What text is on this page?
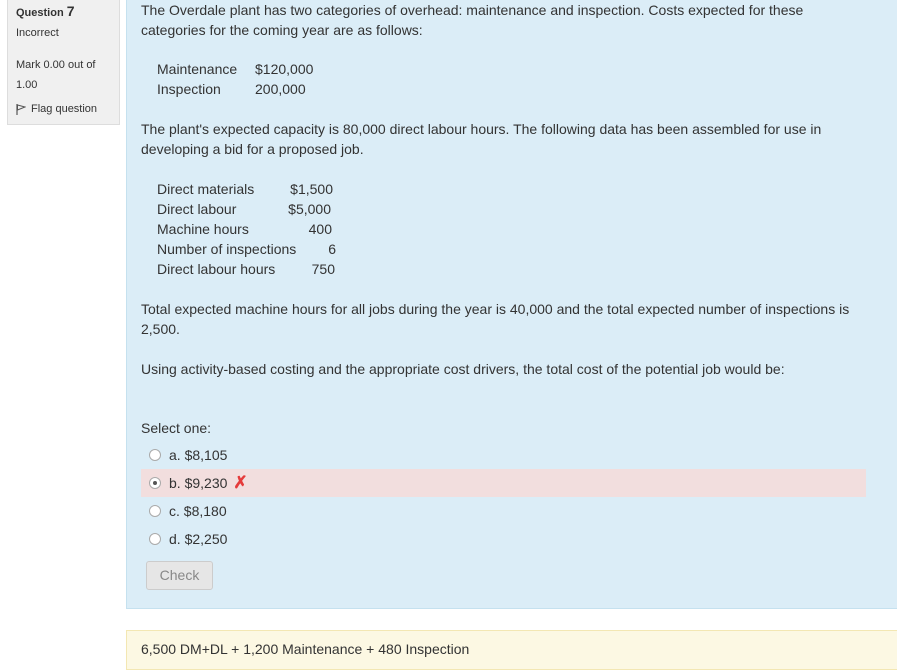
Question 7
Incorrect
Mark 0.00 out of 1.00
Flag question
The Overdale plant has two categories of overhead: maintenance and inspection. Costs expected for these categories for the coming year are as follows:
Maintenance	$120,000
Inspection	200,000
The plant's expected capacity is 80,000 direct labour hours. The following data has been assembled for use in developing a bid for a proposed job.
Direct materials	$1,500
Direct labour	$5,000
Machine hours	400
Number of inspections	6
Direct labour hours	750
Total expected machine hours for all jobs during the year is 40,000 and the total expected number of inspections is 2,500.
Using activity-based costing and the appropriate cost drivers, the total cost of the potential job would be:
Select one:
a. $8,105
b. $9,230 ✗
c. $8,180
d. $2,250
Check
6,500 DM+DL + 1,200 Maintenance + 480 Inspection
